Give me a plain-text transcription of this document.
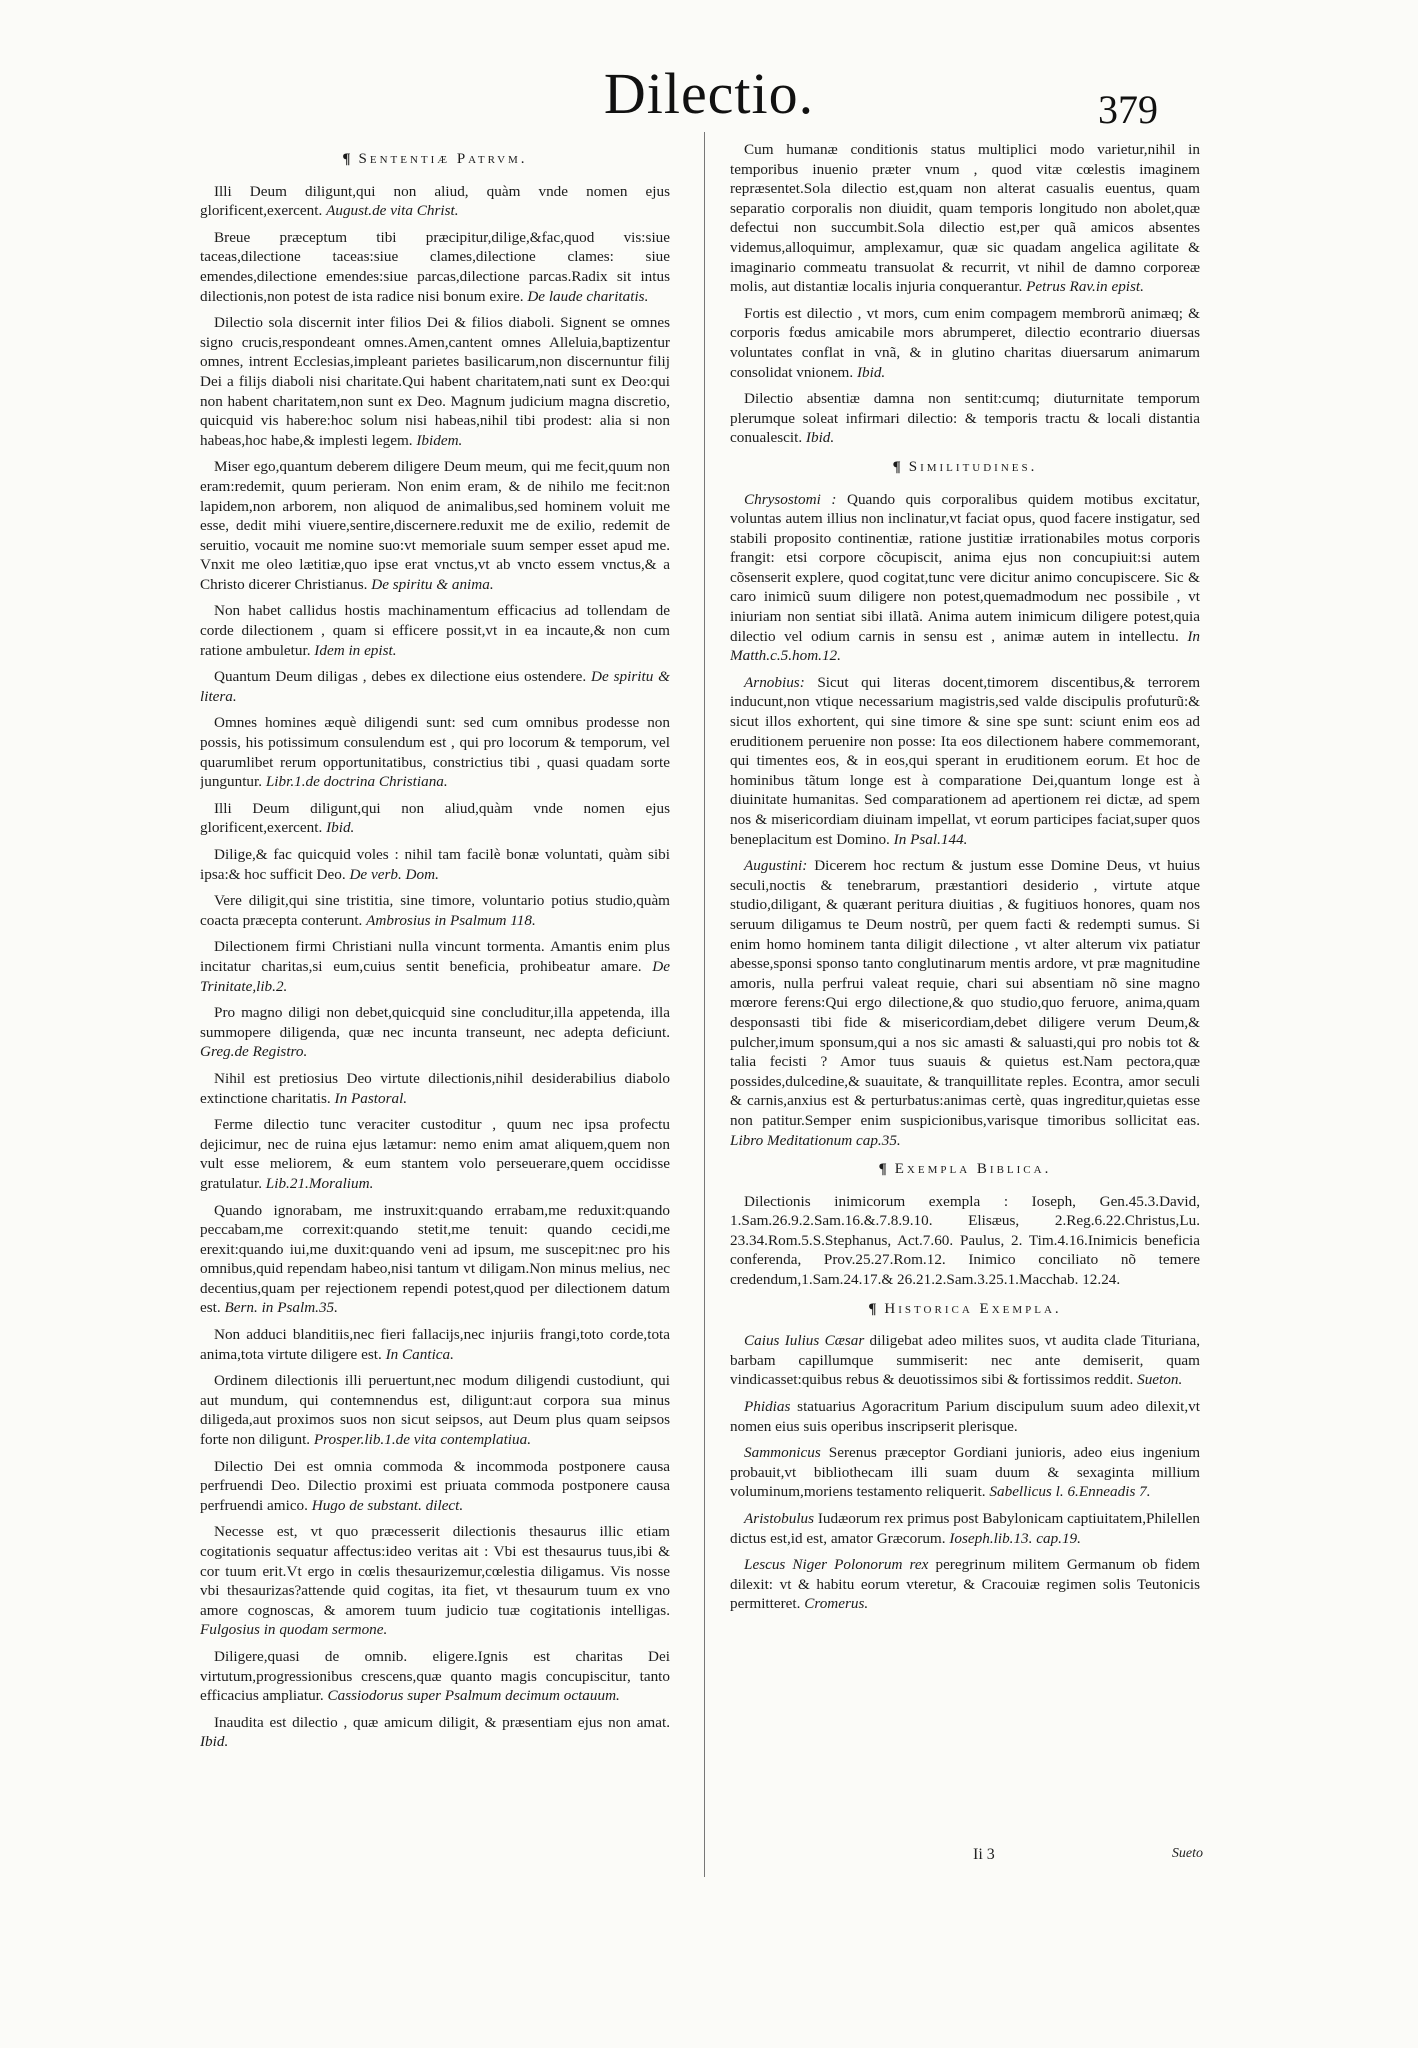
Dilectio.	379
¶ Sententiæ Patrvm.

Illi Deum diligunt,qui non aliud, quàm vnde nomen ejus glorificent,exercent. August.de vita Christ.

Breue præceptum tibi præcipitur,dilige,&fac,quod vis:siue taceas,dilectione taceas:siue clames,dilectione clames: siue emendes,dilectione emendes:siue parcas,dilectione parcas.Radix sit intus dilectionis,non potest de ista radice nisi bonum exire. De laude charitatis.

Dilectio sola discernit inter filios Dei & filios diaboli. Signent se omnes signo crucis,respondeant omnes.Amen,cantent omnes Alleluia,baptizentur omnes, intrent Ecclesias,impleant parietes basilicarum,non discernuntur filij Dei a filijs diaboli nisi charitate.Qui habent charitatem,nati sunt ex Deo:qui non habent charitatem,non sunt ex Deo. Magnum judicium magna discretio, quicquid vis habere:hoc solum nisi habeas,nihil tibi prodest: alia si non habeas,hoc habe,& implesti legem. Ibidem.

Miser ego,quantum deberem diligere Deum meum, qui me fecit,quum non eram:redemit, quum perieram. Non enim eram, & de nihilo me fecit:non lapidem,non arborem, non aliquod de animalibus,sed hominem voluit me esse, dedit mihi viuere,sentire,discernere.reduxit me de exilio, redemit de seruitio, vocauit me nomine suo:vt memoriale suum semper esset apud me. Vnxit me oleo lætitiæ,quo ipse erat vnctus,vt ab vncto essem vnctus,& a Christo dicerer Christianus. De spiritu & anima.

Non habet callidus hostis machinamentum efficacius ad tollendam de corde dilectionem , quam si efficere possit,vt in ea incaute,& non cum ratione ambuletur. Idem in epist.

Quantum Deum diligas , debes ex dilectione eius ostendere. De spiritu & litera.

Omnes homines æquè diligendi sunt: sed cum omnibus prodesse non possis, his potissimum consulendum est , qui pro locorum & temporum, vel quarumlibet rerum opportunitatibus, constrictius tibi , quasi quadam sorte junguntur. Libr.1.de doctrina Christiana.

Illi Deum diligunt,qui non aliud,quàm vnde nomen ejus glorificent,exercent. Ibid.

Dilige,& fac quicquid voles : nihil tam facilè bonæ voluntati, quàm sibi ipsa:& hoc sufficit Deo. De verb. Dom.

Vere diligit,qui sine tristitia, sine timore, voluntario potius studio,quàm coacta præcepta conterunt. Ambrosius in Psalmum 118.

Dilectionem firmi Christiani nulla vincunt tormenta. Amantis enim plus incitatur charitas,si eum,cuius sentit beneficia, prohibeatur amare. De Trinitate,lib.2.

Pro magno diligi non debet,quicquid sine concluditur,illa appetenda, illa summopere diligenda, quæ nec incunta transeunt, nec adepta deficiunt. Greg.de Registro.

Nihil est pretiosius Deo virtute dilectionis,nihil desiderabilius diabolo extinctione charitatis. In Pastoral.

Ferme dilectio tunc veraciter custoditur , quum nec ipsa profectu dejicimur, nec de ruina ejus lætamur: nemo enim amat aliquem,quem non vult esse meliorem, & eum stantem volo perseuerare,quem occidisse gratulatur. Lib.21.Moralium.

Quando ignorabam, me instruxit:quando errabam,me reduxit:quando peccabam,me correxit:quando stetit,me tenuit: quando cecidi,me erexit:quando iui,me duxit:quando veni ad ipsum, me suscepit:nec pro his omnibus,quid rependam habeo,nisi tantum vt diligam.Non minus melius, nec decentius,quam per rejectionem rependi potest,quod per dilectionem datum est. Bern. in Psalm.35.

Non adduci blanditiis,nec fieri fallacijs,nec injuriis frangi,toto corde,tota anima,tota virtute diligere est. In Cantica.

Ordinem dilectionis illi peruertunt,nec modum diligendi custodiunt, qui aut mundum, qui contemnendus est, diligunt:aut corpora sua minus diligeda,aut proximos suos non sicut seipsos, aut Deum plus quam seipsos forte non diligunt. Prosper.lib.1.de vita contemplatiua.

Dilectio Dei est omnia commoda & incommoda postponere causa perfruendi Deo. Dilectio proximi est priuata commoda postponere causa perfruendi amico. Hugo de substant. dilect.

Necesse est, vt quo præcesserit dilectionis thesaurus illic etiam cogitationis sequatur affectus:ideo veritas ait : Vbi est thesaurus tuus,ibi & cor tuum erit.Vt ergo in cœlis thesaurizemur,cœlestia diligamus. Vis nosse vbi thesaurizas?attende quid cogitas, ita fiet, vt thesaurum tuum ex vno amore cognoscas, & amorem tuum judicio tuæ cogitationis intelligas. Fulgosius in quodam sermone.

Diligere,quasi de omnib. eligere.Ignis est charitas Dei virtutum,progressionibus crescens,quæ quanto magis concupiscitur, tanto efficacius ampliatur. Cassiodorus super Psalmum decimum octauum.

Inaudita est dilectio , quæ amicum diligit, & præsentiam ejus non amat. Ibid.

Cum humanæ conditionis status multiplici modo varietur,nihil in temporibus inuenio præter vnum , quod vitæ cœlestis imaginem repræsentet.Sola dilectio est,quam non alterat casualis euentus, quam separatio corporalis non diuidit, quam temporis longitudo non abolet,quæ defectui non succumbit.Sola dilectio est,per quã amicos absentes videmus,alloquimur, amplexamur, quæ sic quadam angelica agilitate & imaginario commeatu transuolat & recurrit, vt nihil de damno corporeæ molis, aut distantiæ localis injuria conquerantur. Petrus Rav.in epist.

Fortis est dilectio , vt mors, cum enim compagem membrorũ animæq; & corporis fœdus amicabile mors abrumperet, dilectio econtrario diuersas voluntates conflat in vnã, & in glutino charitas diuersarum animarum consolidat vnionem. Ibid.

Dilectio absentiæ damna non sentit:cumq; diuturnitate temporum plerumque soleat infirmari dilectio: & temporis tractu & locali distantia conualescit. Ibid.

¶ Similitudines.

Chrysostomi : Quando quis corporalibus quidem motibus excitatur, voluntas autem illius non inclinatur,vt faciat opus, quod facere instigatur, sed stabili proposito continentiæ, ratione justitiæ irrationabiles motus corporis frangit: etsi corpore cõcupiscit, anima ejus non concupiuit:si autem cõsenserit explere, quod cogitat,tunc vere dicitur animo concupiscere. Sic & caro inimicũ suum diligere non potest,quemadmodum nec possibile , vt iniuriam non sentiat sibi illatã. Anima autem inimicum diligere potest,quia dilectio vel odium carnis in sensu est , animæ autem in intellectu. In Matth.c.5.hom.12.

Arnobius: Sicut qui literas docent,timorem discentibus,& terrorem inducunt,non vtique necessarium magistris,sed valde discipulis profuturũ:& sicut illos exhortent, qui sine timore & sine spe sunt: sciunt enim eos ad eruditionem peruenire non posse: Ita eos dilectionem habere commemorant, qui timentes eos, & in eos,qui sperant in eruditionem eorum. Et hoc de hominibus tãtum longe est à comparatione Dei,quantum longe est à diuinitate humanitas. Sed comparationem ad apertionem rei dictæ, ad spem nos & misericordiam diuinam impellat, vt eorum participes faciat,super quos beneplacitum est Domino. In Psal.144.

Augustini: Dicerem hoc rectum & justum esse Domine Deus, vt huius seculi,noctis & tenebrarum, præstantiori desiderio , virtute atque studio,diligant, & quærant peritura diuitias , & fugitiuos honores, quam nos seruum diligamus te Deum nostrũ, per quem facti & redempti sumus. Si enim homo hominem tanta diligit dilectione , vt alter alterum vix patiatur abesse,sponsi sponso tanto conglutinarum mentis ardore, vt præ magnitudine amoris, nulla perfrui valeat requie, chari sui absentiam nõ sine magno mœrore ferens:Qui ergo dilectione,& quo studio,quo feruore, anima,quam desponsasti tibi fide & misericordiam,debet diligere verum Deum,& pulcher,imum sponsum,qui a nos sic amasti & saluasti,qui pro nobis tot & talia fecisti ? Amor tuus suauis & quietus est.Nam pectora,quæ possides,dulcedine,& suauitate, & tranquillitate reples. Econtra, amor seculi & carnis,anxius est & perturbatus:animas certè, quas ingreditur,quietas esse non patitur.Semper enim suspicionibus,varisque timoribus sollicitat eas. Libro Meditationum cap.35.

¶ Exempla Biblica.

Dilectionis inimicorum exempla : Ioseph, Gen.45.3.David, 1.Sam.26.9.2.Sam.16.&.7.8.9.10. Elisæus, 2.Reg.6.22.Christus,Lu. 23.34.Rom.5.S.Stephanus, Act.7.60. Paulus, 2. Tim.4.16.Inimicis beneficia conferenda, Prov.25.27.Rom.12. Inimico conciliato nõ temere credendum,1.Sam.24.17.& 26.21.2.Sam.3.25.1.Macchab. 12.24.

¶ Historica Exempla.

Caius Iulius Cæsar diligebat adeo milites suos, vt audita clade Tituriana, barbam capillumque summiserit: nec ante demiserit, quam vindicasset:quibus rebus & deuotissimos sibi & fortissimos reddit. Sueton.

Phidias statuarius Agoracritum Parium discipulum suum adeo dilexit,vt nomen eius suis operibus inscripserit plerisque.

Sammonicus Serenus præceptor Gordiani junioris, adeo eius ingenium probauit,vt bibliothecam illi suam duum & sexaginta millium voluminum,moriens testamento reliquerit. Sabellicus l. 6.Enneadis 7.

Aristobulus Iudæorum rex primus post Babylonicam captiuitatem,Philellen dictus est,id est, amator Græcorum. Ioseph.lib.13. cap.19.

Lescus Niger Polonorum rex peregrinum militem Germanum ob fidem dilexit: vt & habitu eorum vteretur, & Cracouiæ regimen solis Teutonicis permitteret. Cromerus.

Ii 3	Sueto
